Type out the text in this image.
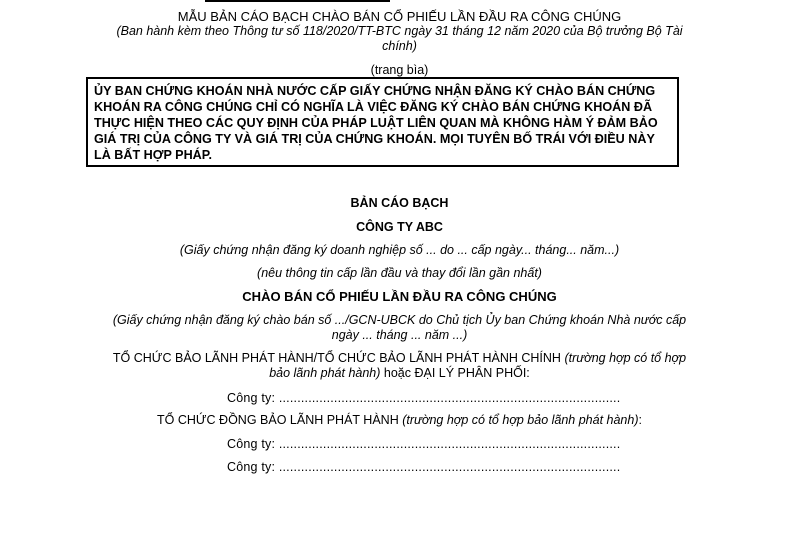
MẪU BẢN CÁO BẠCH CHÀO BÁN CỔ PHIẾU LẦN ĐẦU RA CÔNG CHÚNG
(Ban hành kèm theo Thông tư số 118/2020/TT-BTC ngày 31 tháng 12 năm 2020 của Bộ trưởng Bộ Tài
chính)
(trang bìa)
ỦY BAN CHỨNG KHOÁN NHÀ NƯỚC CẤP GIẤY CHỨNG NHẬN ĐĂNG KÝ CHÀO BÁN CHỨNG KHOÁN RA CÔNG CHÚNG CHỈ CÓ NGHĨA LÀ VIỆC ĐĂNG KÝ CHÀO BÁN CHỨNG KHOÁN ĐÃ THỰC HIỆN THEO CÁC QUY ĐỊNH CỦA PHÁP LUẬT LIÊN QUAN MÀ KHÔNG HÀM Ý ĐẢM BẢO GIÁ TRỊ CỦA CÔNG TY VÀ GIÁ TRỊ CỦA CHỨNG KHOÁN. MỌI TUYÊN BỐ TRÁI VỚI ĐIỀU NÀY LÀ BẤT HỢP PHÁP.
BẢN CÁO BẠCH
CÔNG TY ABC
(Giấy chứng nhận đăng ký doanh nghiệp số ... do ... cấp ngày... tháng... năm...)
(nêu thông tin cấp lần đầu và thay đổi lần gần nhất)
CHÀO BÁN CỔ PHIẾU LẦN ĐẦU RA CÔNG CHÚNG
(Giấy chứng nhận đăng ký chào bán số .../GCN-UBCK do Chủ tịch Ủy ban Chứng khoán Nhà nước cấp
ngày ... tháng ... năm ...)
TỔ CHỨC BẢO LÃNH PHÁT HÀNH/TỔ CHỨC BẢO LÃNH PHÁT HÀNH CHÍNH (trường hợp có tổ hợp
bảo lãnh phát hành) hoặc ĐẠI LÝ PHÂN PHỐI:
Công ty: .............................................................................................
TỔ CHỨC ĐỒNG BẢO LÃNH PHÁT HÀNH (trường hợp có tổ hợp bảo lãnh phát hành):
Công ty: .............................................................................................
Công ty: .............................................................................................
